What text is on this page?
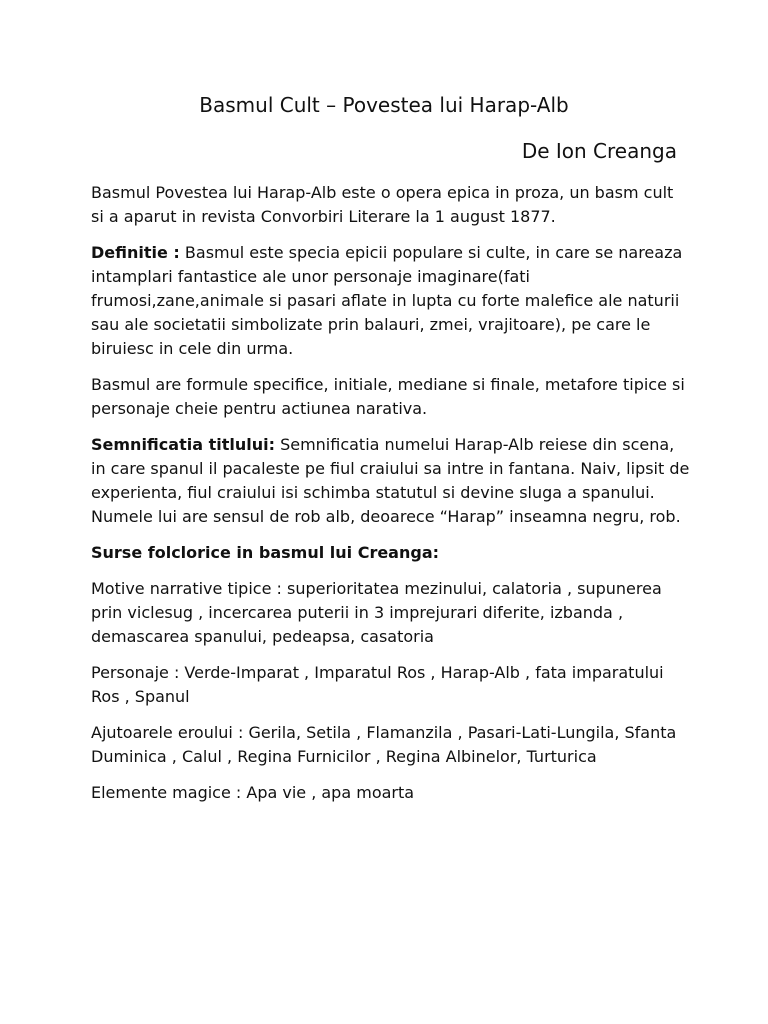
Basmul Cult – Povestea lui Harap-Alb
De Ion Creanga

Basmul Povestea lui Harap-Alb este o opera epica in proza, un basm cult si a aparut in revista Convorbiri Literare la 1 august 1877.

Definitie : Basmul este specia epicii populare si culte, in care se nareaza intamplari fantastice ale unor personaje imaginare(fati frumosi,zane,animale si pasari aflate in lupta cu forte malefice ale naturii sau ale societatii simbolizate prin balauri, zmei, vrajitoare), pe care le biruiesc in cele din urma.

Basmul are formule specifice, initiale, mediane si finale, metafore tipice si personaje cheie pentru actiunea narativa.

Semnificatia titlului: Semnificatia numelui Harap-Alb reiese din scena, in care spanul il pacaleste pe fiul craiului sa intre in fantana. Naiv, lipsit de experienta, fiul craiului isi schimba statutul si devine sluga a spanului. Numele lui are sensul de rob alb, deoarece “Harap” inseamna negru, rob.

Surse folclorice in basmul lui Creanga:

Motive narrative tipice : superioritatea mezinului, calatoria , supunerea prin viclesug , incercarea puterii in 3 imprejurari diferite, izbanda , demascarea spanului, pedeapsa, casatoria

Personaje : Verde-Imparat , Imparatul Ros , Harap-Alb , fata imparatului Ros , Spanul

Ajutoarele eroului : Gerila, Setila , Flamanzila , Pasari-Lati-Lungila, Sfanta Duminica , Calul , Regina Furnicilor , Regina Albinelor, Turturica

Elemente magice : Apa vie , apa moarta
